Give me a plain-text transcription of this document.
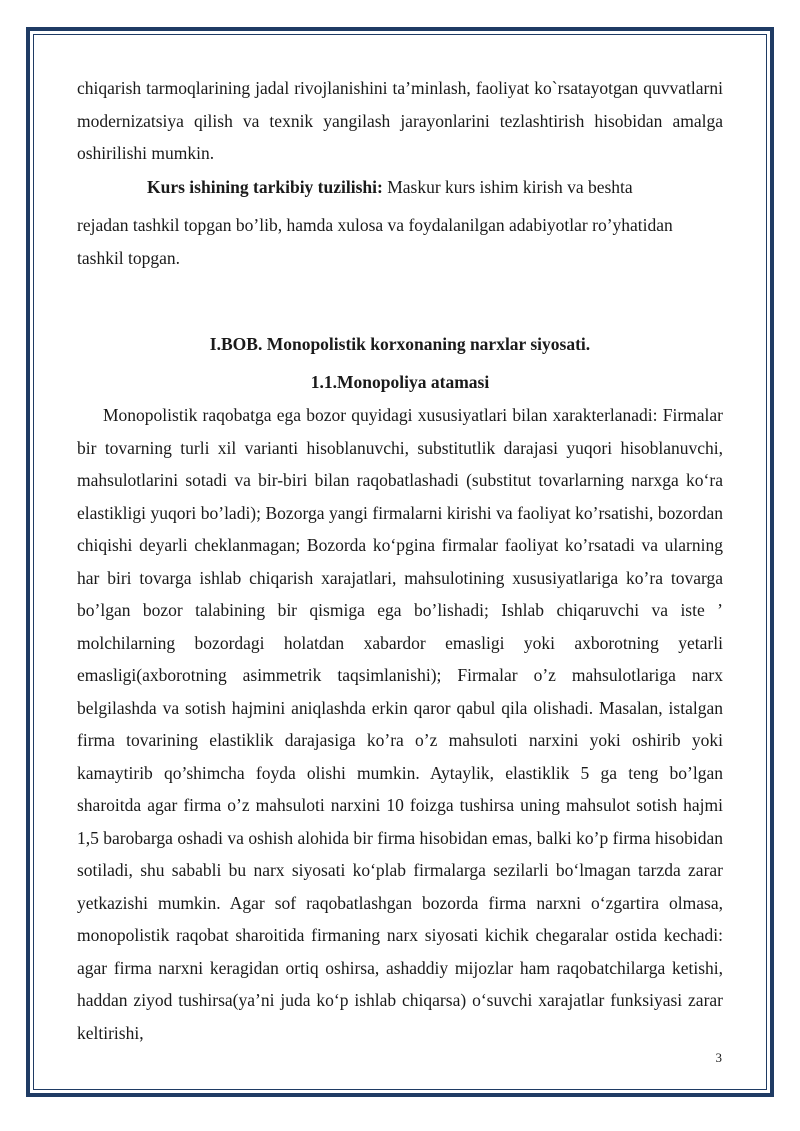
chiqarish tarmoqlarining jadal rivojlanishini ta’minlash, faoliyat ko`rsatayotgan quvvatlarni modernizatsiya qilish va texnik yangilash jarayonlarini tezlashtirish hisobidan amalga oshirilishi mumkin.

Kurs ishining tarkibiy tuzilishi: Maskur kurs ishim kirish va beshta

rejadan tashkil topgan bo’lib, hamda xulosa va foydalanilgan adabiyotlar ro’yhatidan tashkil topgan.

I.BOB. Monopolistik korxonaning narxlar siyosati.

1.1.Monopoliya atamasi

Monopolistik raqobatga ega bozor quyidagi xususiyatlari bilan xarakterlanadi: Firmalar bir tovarning turli xil varianti hisoblanuvchi, substitutlik darajasi yuqori hisoblanuvchi, mahsulotlarini sotadi va bir-biri bilan raqobatlashadi (substitut tovarlarning narxga ko‘ra elastikligi yuqori bo’ladi); Bozorga yangi firmalarni kirishi va faoliyat ko’rsatishi, bozordan chiqishi deyarli cheklanmagan; Bozorda ko‘pgina firmalar faoliyat ko’rsatadi va ularning har biri tovarga ishlab chiqarish xarajatlari, mahsulotining xususiyatlariga ko’ra tovarga bo’lgan bozor talabining bir qismiga ega bo’lishadi; Ishlab chiqaruvchi va iste ’ molchilarning bozordagi holatdan xabardor emasligi yoki axborotning yetarli emasligi(axborotning asimmetrik taqsimlanishi); Firmalar o’z mahsulotlariga narx belgilashda va sotish hajmini aniqlashda erkin qaror qabul qila olishadi. Masalan, istalgan firma tovarining elastiklik darajasiga ko’ra o’z mahsuloti narxini yoki oshirib yoki kamaytirib qo’shimcha foyda olishi mumkin. Aytaylik, elastiklik 5 ga teng bo’lgan sharoitda agar firma o’z mahsuloti narxini 10 foizga tushirsa uning mahsulot sotish hajmi 1,5 barobarga oshadi va oshish alohida bir firma hisobidan emas, balki ko’p firma hisobidan sotiladi, shu sababli bu narx siyosati ko‘plab firmalarga sezilarli bo‘lmagan tarzda zarar yetkazishi mumkin. Agar sof raqobatlashgan bozorda firma narxni o‘zgartira olmasa, monopolistik raqobat sharoitida firmaning narx siyosati kichik chegaralar ostida kechadi: agar firma narxni keragidan ortiq oshirsa, ashaddiy mijozlar ham raqobatchilarga ketishi, haddan ziyod tushirsa(ya’ni juda ko‘p ishlab chiqarsa) o‘suvchi xarajatlar funksiyasi zarar keltirishi,

3
